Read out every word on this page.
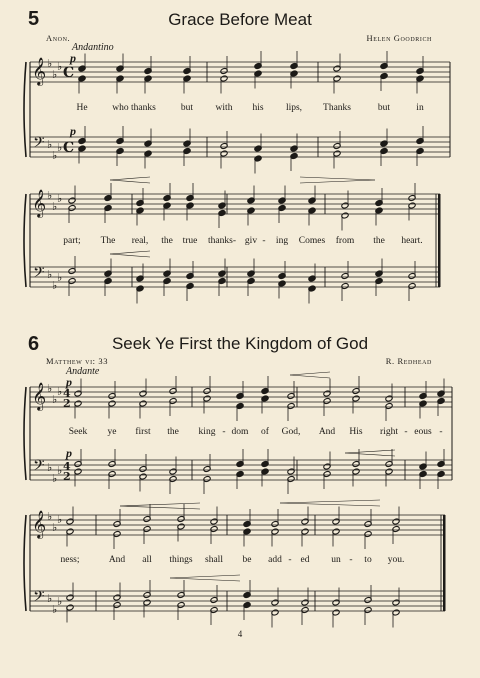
5	Grace Before Meat
Anon.	Helen Goodrich
Andantino
p
p
He	who thanks	but with his lips, Thanks	but	in
part; The real, the true thanks- giv - ing Comes from the heart.
6	Seek Ye First the Kingdom of God
Matthew vi: 33	R. Redhead
Andante
p
p
Seek ye first the king - dom of God, And His right - eous -
ness;	And all things shall be add - ed un - to you.
4
𝄞
𝄢
♭
♭
♭
♭
♭
♭
C
C
𝄞
𝄢
♭
♭
♭
♭
♭
♭
𝄞
𝄢
♭
♭
♭
♭
♭
♭
4
2
4
2
𝄞
𝄢
♭
♭
♭
♭
♭
♭
